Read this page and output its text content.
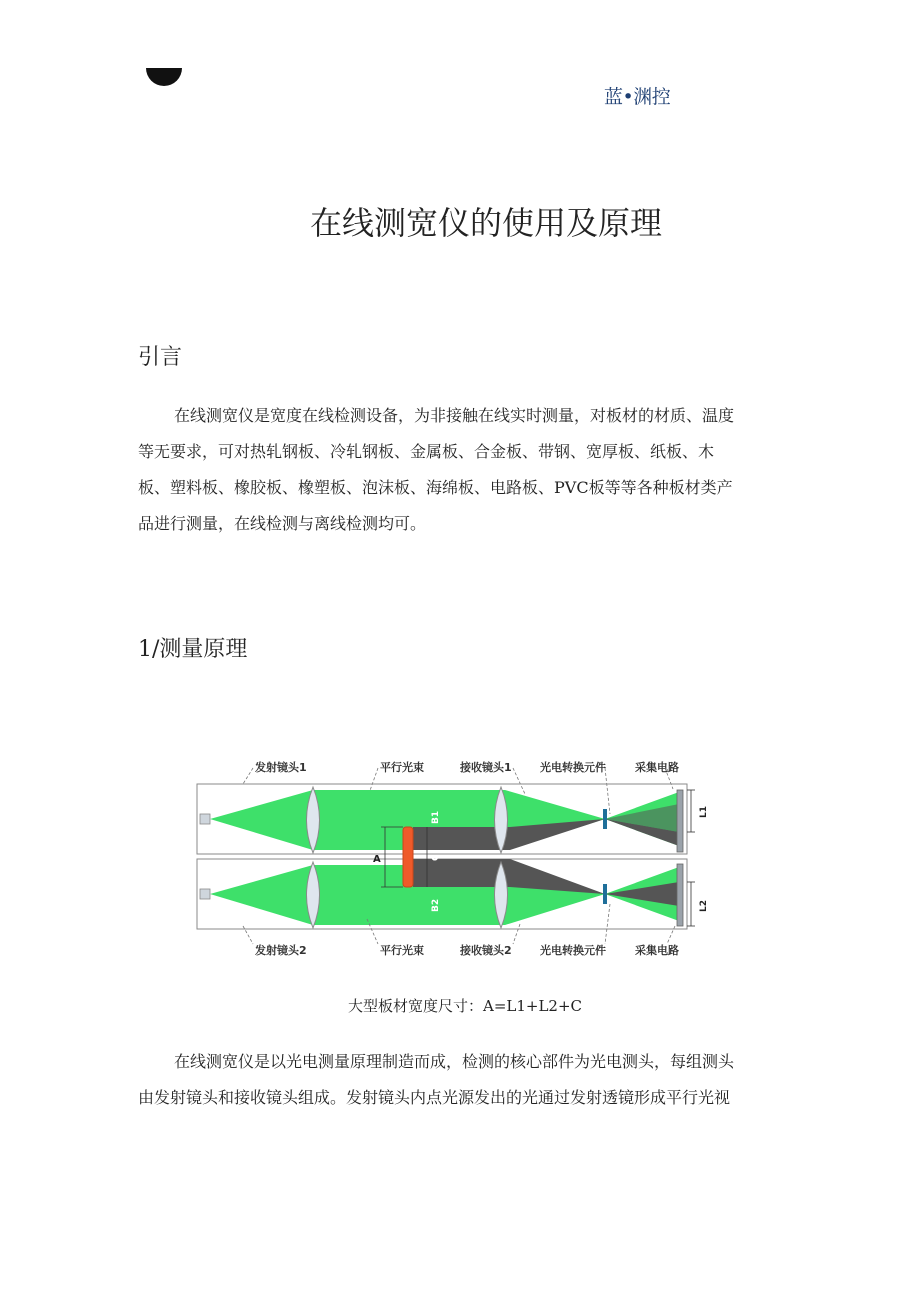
蓝•渊控
在线测宽仪的使用及原理
引言
在线测宽仪是宽度在线检测设备，为非接触在线实时测量，对板材的材质、温度
等无要求，可对热轧钢板、冷轧钢板、金属板、合金板、带钢、宽厚板、纸板、木
板、塑料板、橡胶板、橡塑板、泡沫板、海绵板、电路板、PVC板等等各种板材类产
品进行测量，在线检测与离线检测均可。
1/测量原理
发射镜头1	平行光束	接收镜头1	光电转换元件	采集电路
A
B1
C
B2
L1
L2
发射镜头2	平行光束	接收镜头2	光电转换元件	采集电路
大型板材宽度尺寸：A=L1+L2+C
在线测宽仪是以光电测量原理制造而成，检测的核心部件为光电测头，每组测头
由发射镜头和接收镜头组成。发射镜头内点光源发出的光通过发射透镜形成平行光视
